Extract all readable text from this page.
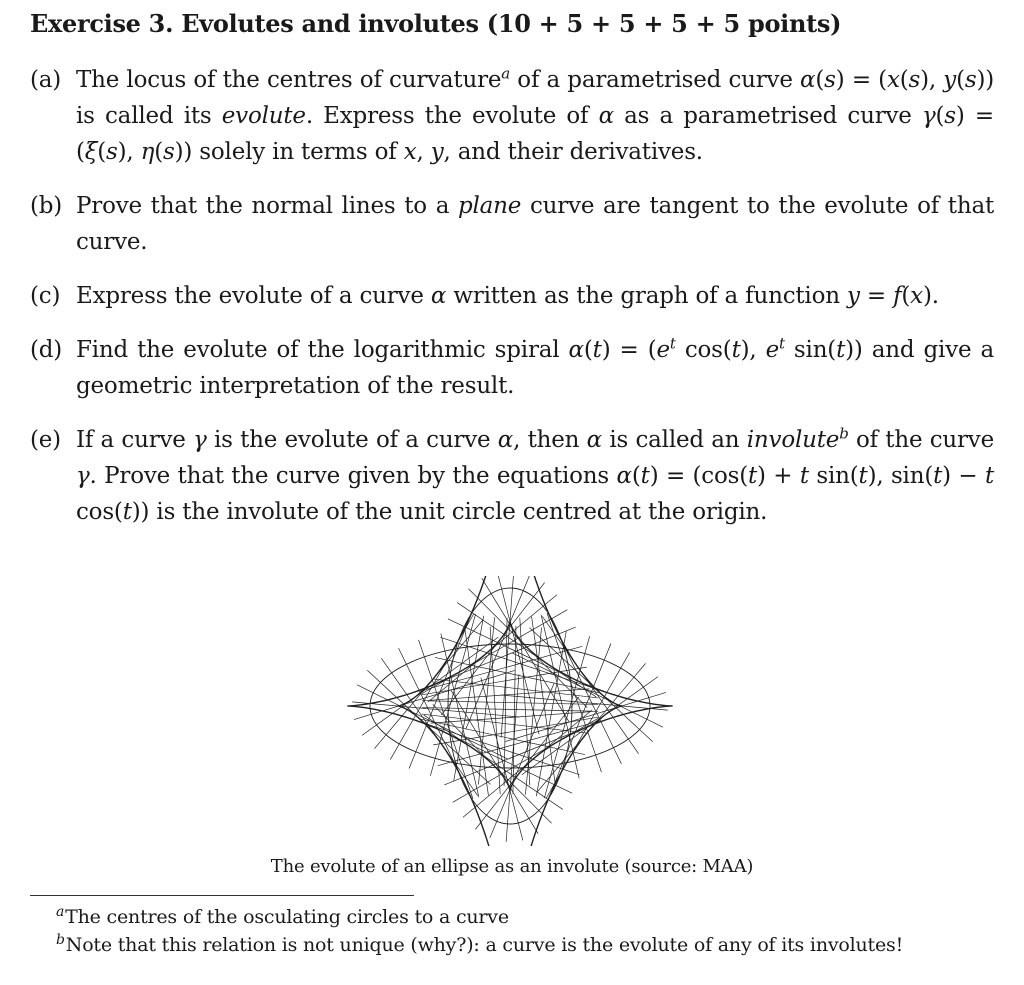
Exercise 3. Evolutes and involutes (10 + 5 + 5 + 5 + 5 points)
(a) The locus of the centres of curvature$^a$ of a parametrised curve α(s) = (x(s), y(s)) is called its evolute. Express the evolute of α as a parametrised curve γ(s) = (ξ(s), η(s)) solely in terms of x, y, and their derivatives.
(b) Prove that the normal lines to a plane curve are tangent to the evolute of that curve.
(c) Express the evolute of a curve α written as the graph of a function y = f(x).
(d) Find the evolute of the logarithmic spiral $\alpha(t) = (e^t$ cos(t), $e^t$ sin(t)) and give a geometric interpretation of the result.
(e) If a curve γ is the evolute of a curve α, then α is called an involute$^b$ of the curve γ. Prove that the curve given by the equations α(t) = (cos(t) + t sin(t), sin(t) − t cos(t)) is the involute of the unit circle centred at the origin.
The evolute of an ellipse as an involute (source: MAA)
$^a$The centres of the osculating circles to a curve
$^b$Note that this relation is not unique (why?): a curve is the evolute of any of its involutes!
